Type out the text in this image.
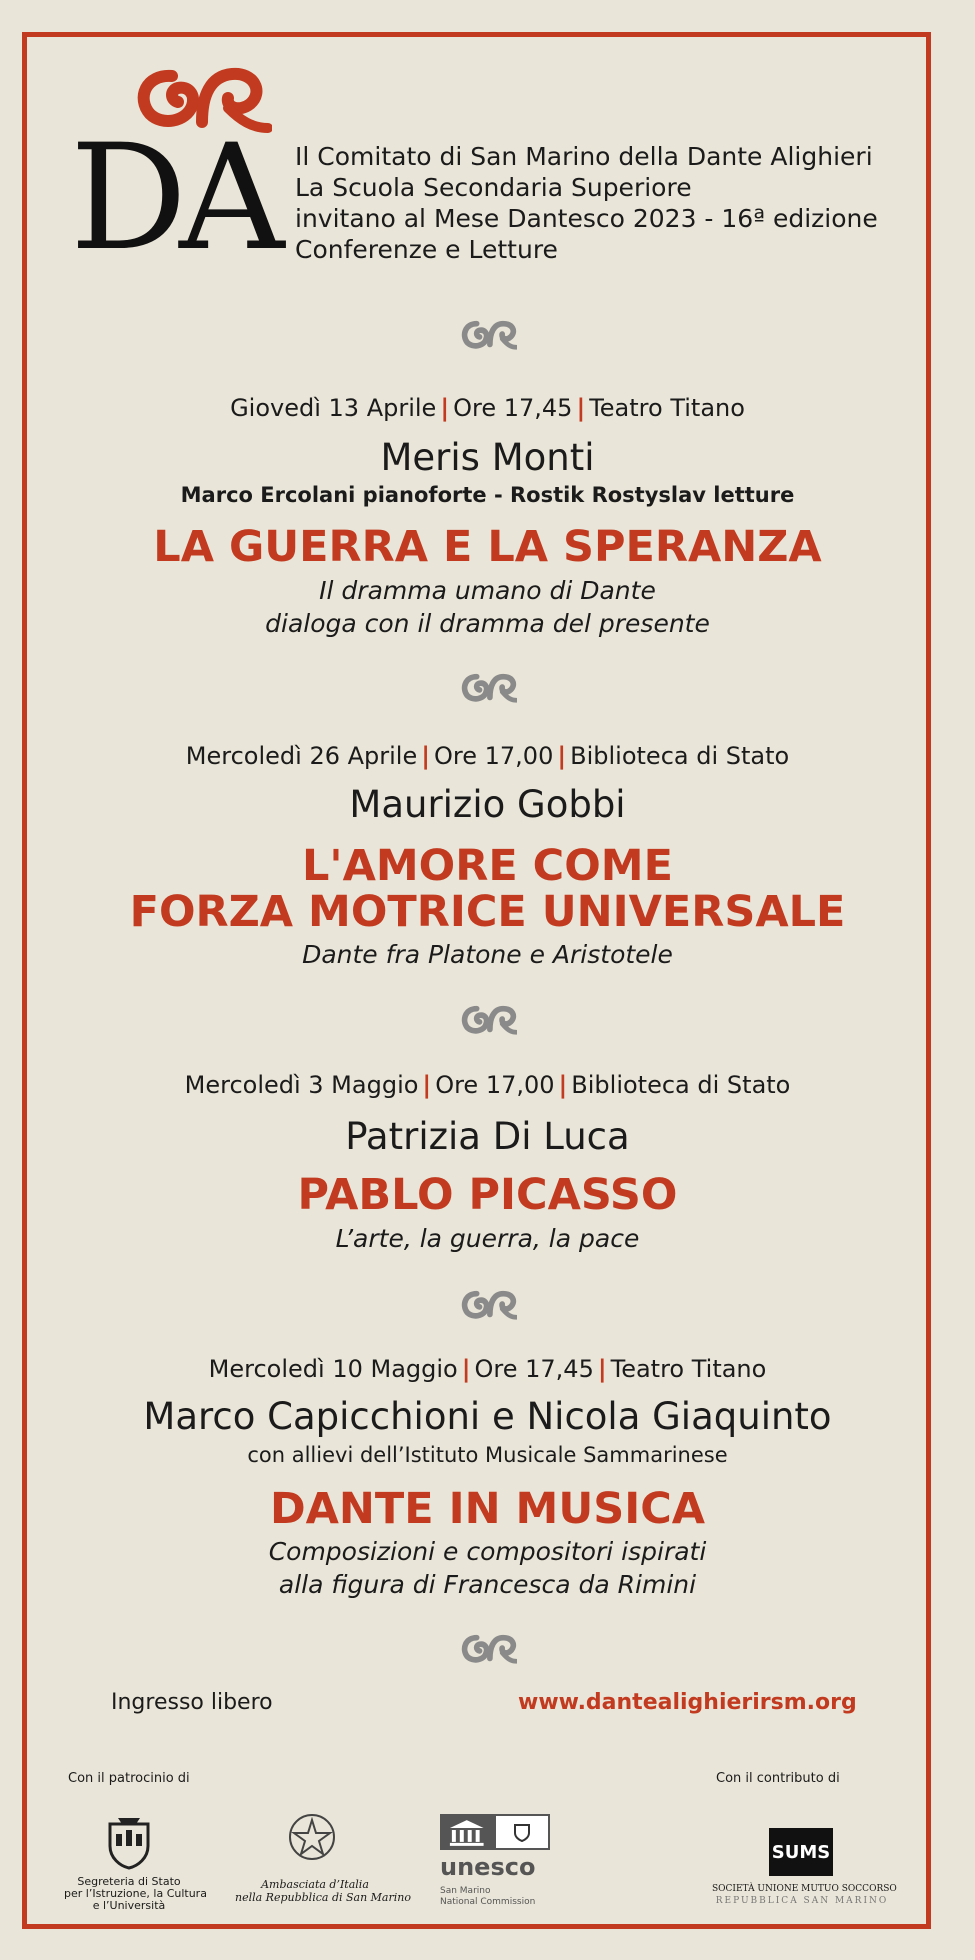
DA Il Comitato di San Marino della Dante Alighieri
La Scuola Secondaria Superiore
invitano al Mese Dantesco 2023 - 16ª edizione
Conferenze e Letture
Giovedì 13 Aprile | Ore 17,45 | Teatro Titano
Meris Monti
Marco Ercolani pianoforte - Rostik Rostyslav letture
LA GUERRA E LA SPERANZA
Il dramma umano di Dante
dialoga con il dramma del presente
Mercoledì 26 Aprile | Ore 17,00 | Biblioteca di Stato
Maurizio Gobbi
L'AMORE COME
FORZA MOTRICE UNIVERSALE
Dante fra Platone e Aristotele
Mercoledì 3 Maggio | Ore 17,00 | Biblioteca di Stato
Patrizia Di Luca
PABLO PICASSO
L’arte, la guerra, la pace
Mercoledì 10 Maggio | Ore 17,45 | Teatro Titano
Marco Capicchioni e Nicola Giaquinto
con allievi dell’Istituto Musicale Sammarinese
DANTE IN MUSICA
Composizioni e compositori ispirati
alla figura di Francesca da Rimini
Ingresso libero	www.dantealighierirsm.org
Con il patrocinio di	Con il contributo di
Segreteria di Stato
per l’Istruzione, la Cultura
e l’Università
Ambasciata d’Italia
nella Repubblica di San Marino
unesco
San Marino
National Commission
SUMS
SOCIETÀ UNIONE MUTUO SOCCORSO
REPUBBLICA SAN MARINO
